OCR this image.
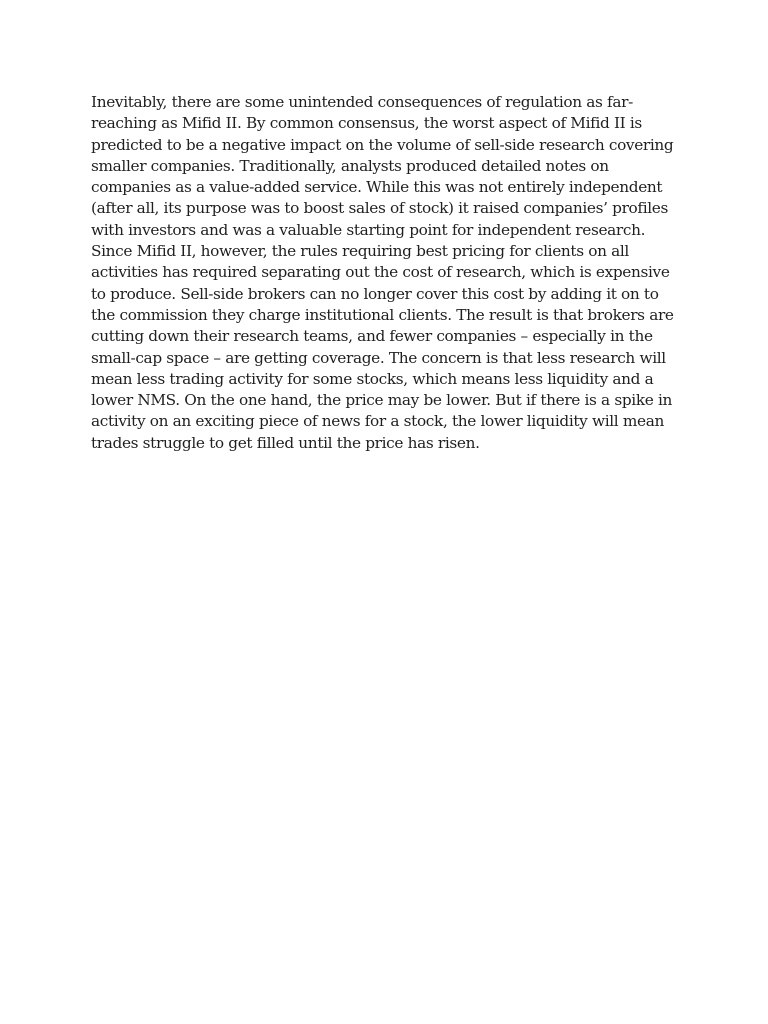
Inevitably, there are some unintended consequences of regulation as far-reaching as Mifid II. By common consensus, the worst aspect of Mifid II is predicted to be a negative impact on the volume of sell-side research covering smaller companies. Traditionally, analysts produced detailed notes on companies as a value-added service. While this was not entirely independent (after all, its purpose was to boost sales of stock) it raised companies’ profiles with investors and was a valuable starting point for independent research. Since Mifid II, however, the rules requiring best pricing for clients on all activities has required separating out the cost of research, which is expensive to produce. Sell-side brokers can no longer cover this cost by adding it on to the commission they charge institutional clients. The result is that brokers are cutting down their research teams, and fewer companies – especially in the small-cap space – are getting coverage. The concern is that less research will mean less trading activity for some stocks, which means less liquidity and a lower NMS. On the one hand, the price may be lower. But if there is a spike in activity on an exciting piece of news for a stock, the lower liquidity will mean trades struggle to get filled until the price has risen.
